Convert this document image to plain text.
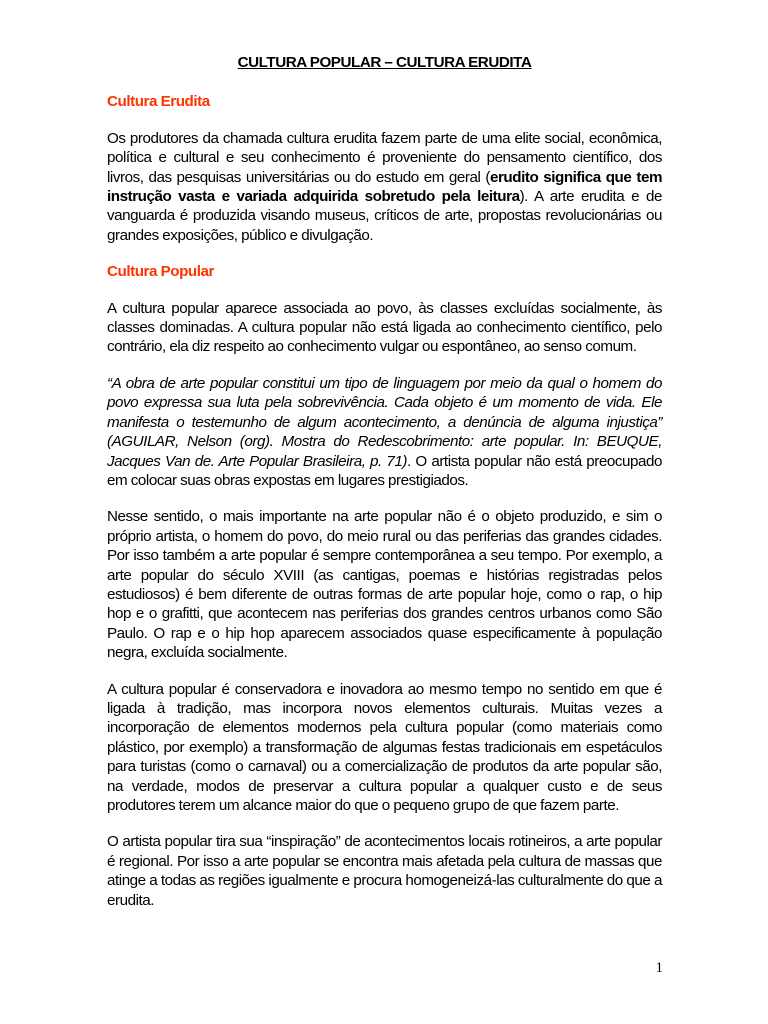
CULTURA POPULAR – CULTURA ERUDITA
Cultura Erudita
Os produtores da chamada cultura erudita fazem parte de uma elite social, econômica, política e cultural e seu conhecimento é proveniente do pensamento científico, dos livros, das pesquisas universitárias ou do estudo em geral (erudito significa que tem instrução vasta e variada adquirida sobretudo pela leitura). A arte erudita e de vanguarda é produzida visando museus, críticos de arte, propostas revolucionárias ou grandes exposições, público e divulgação.
Cultura Popular
A cultura popular aparece associada ao povo, às classes excluídas socialmente, às classes dominadas. A cultura popular não está ligada ao conhecimento científico, pelo contrário, ela diz respeito ao conhecimento vulgar ou espontâneo, ao senso comum.
“A obra de arte popular constitui um tipo de linguagem por meio da qual o homem do povo expressa sua luta pela sobrevivência. Cada objeto é um momento de vida. Ele manifesta o testemunho de algum acontecimento, a denúncia de alguma injustiça” (AGUILAR, Nelson (org). Mostra do Redescobrimento: arte popular. In: BEUQUE, Jacques Van de. Arte Popular Brasileira, p. 71). O artista popular não está preocupado em colocar suas obras expostas em lugares prestigiados.
Nesse sentido, o mais importante na arte popular não é o objeto produzido, e sim o próprio artista, o homem do povo, do meio rural ou das periferias das grandes cidades. Por isso também a arte popular é sempre contemporânea a seu tempo. Por exemplo, a arte popular do século XVIII (as cantigas, poemas e histórias registradas pelos estudiosos) é bem diferente de outras formas de arte popular hoje, como o rap, o hip hop e o grafitti, que acontecem nas periferias dos grandes centros urbanos como São Paulo. O rap e o hip hop aparecem associados quase especificamente à população negra, excluída socialmente.
A cultura popular é conservadora e inovadora ao mesmo tempo no sentido em que é ligada à tradição, mas incorpora novos elementos culturais. Muitas vezes a incorporação de elementos modernos pela cultura popular (como materiais como plástico, por exemplo) a transformação de algumas festas tradicionais em espetáculos para turistas (como o carnaval) ou a comercialização de produtos da arte popular são, na verdade, modos de preservar a cultura popular a qualquer custo e de seus produtores terem um alcance maior do que o pequeno grupo de que fazem parte.
O artista popular tira sua “inspiração” de acontecimentos locais rotineiros, a arte popular é regional. Por isso a arte popular se encontra mais afetada pela cultura de massas que atinge a todas as regiões igualmente e procura homogeneizá-las culturalmente do que a erudita.
1
